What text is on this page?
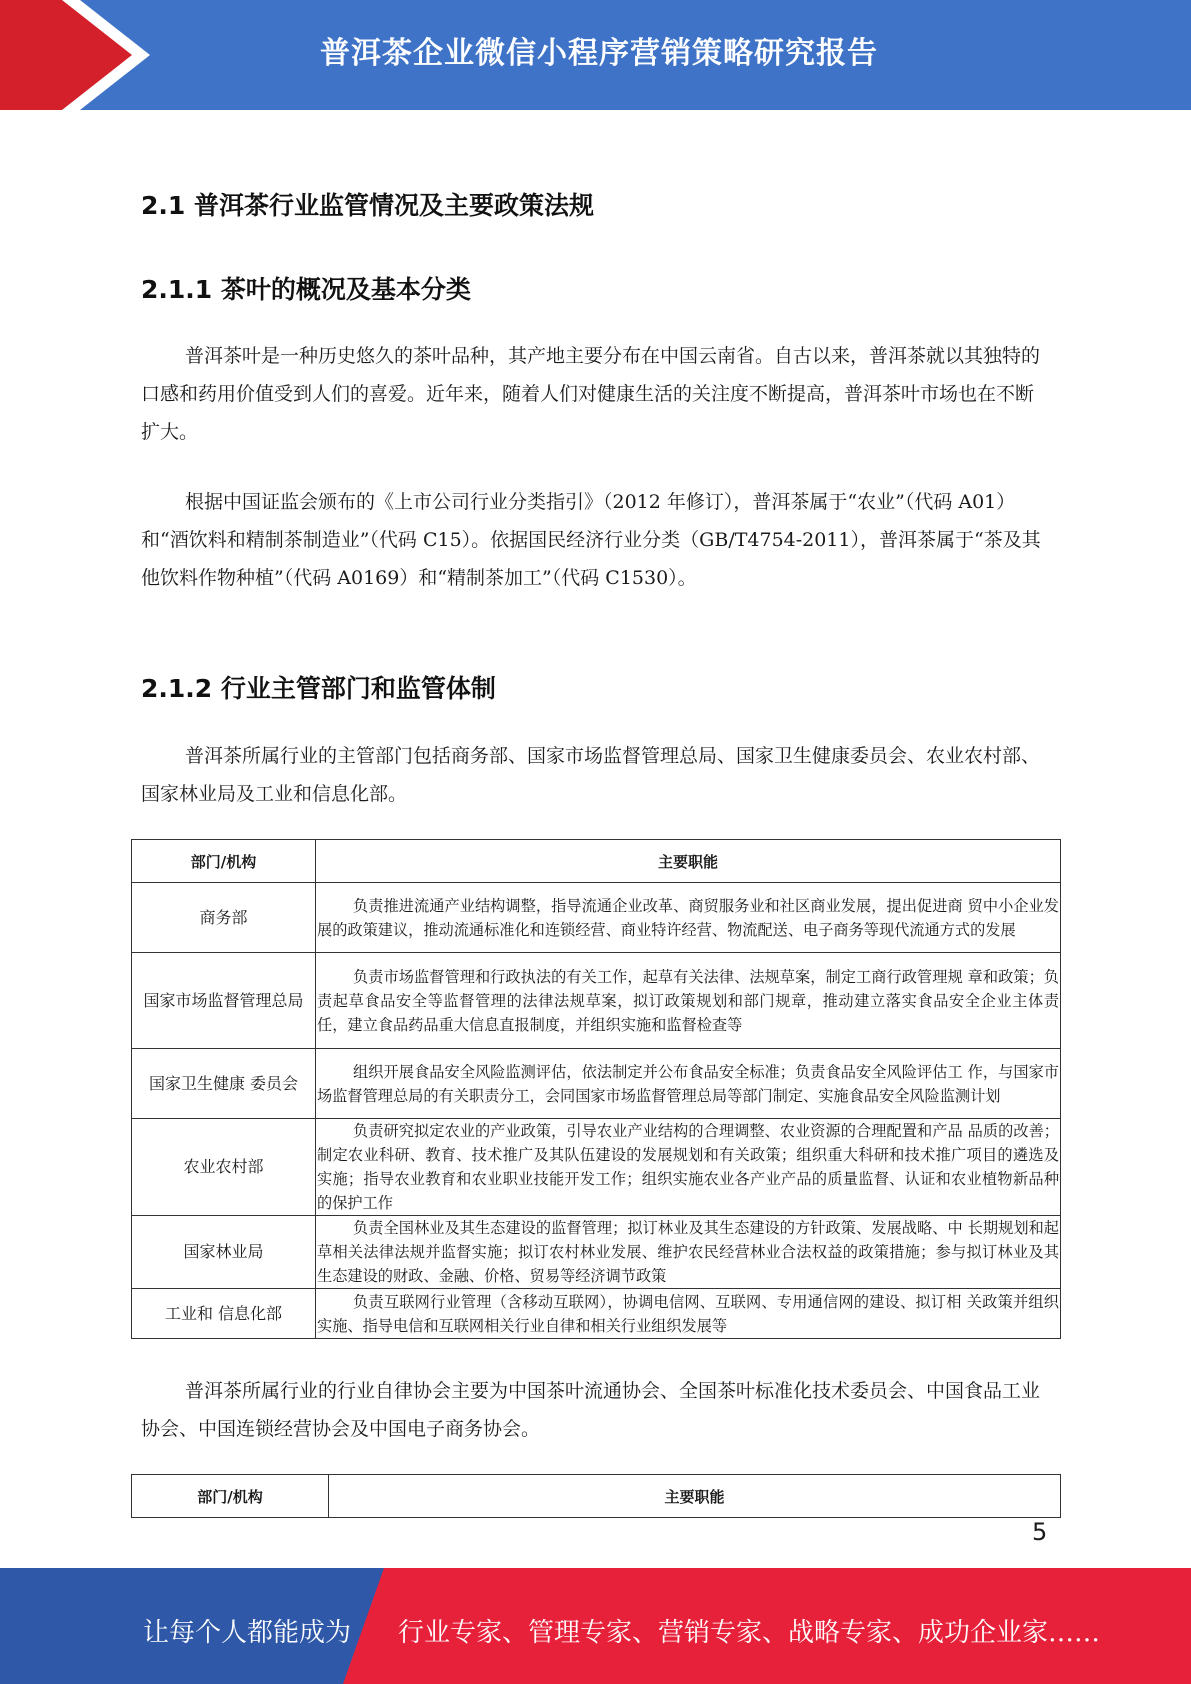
普洱茶企业微信小程序营销策略研究报告
2.1 普洱茶行业监管情况及主要政策法规
2.1.1 茶叶的概况及基本分类

普洱茶叶是一种历史悠久的茶叶品种，其产地主要分布在中国云南省。自古以来，普洱茶就以其独特的口感和药用价值受到人们的喜爱。近年来，随着人们对健康生活的关注度不断提高，普洱茶叶市场也在不断扩大。

根据中国证监会颁布的《上市公司行业分类指引》（2012 年修订），普洱茶属于“农业”（代码 A01）和“酒饮料和精制茶制造业”（代码 C15）。依据国民经济行业分类（GB/T4754-2011），普洱茶属于“茶及其他饮料作物种植”（代码 A0169）和“精制茶加工”（代码 C1530）。

2.1.2 行业主管部门和监管体制

普洱茶所属行业的主管部门包括商务部、国家市场监督管理总局、国家卫生健康委员会、农业农村部、国家林业局及工业和信息化部。

部门/机构	主要职能
商务部	负责推进流通产业结构调整，指导流通企业改革、商贸服务业和社区商业发展，提出促进商 贸中小企业发展的政策建议，推动流通标准化和连锁经营、商业特许经营、物流配送、电子商务等现代流通方式的发展
国家市场监督管理总局	负责市场监督管理和行政执法的有关工作，起草有关法律、法规草案，制定工商行政管理规 章和政策；负责起草食品安全等监督管理的法律法规草案，拟订政策规划和部门规章，推动建立落实食品安全企业主体责任，建立食品药品重大信息直报制度，并组织实施和监督检查等
国家卫生健康 委员会	组织开展食品安全风险监测评估，依法制定并公布食品安全标准；负责食品安全风险评估工 作，与国家市场监督管理总局的有关职责分工，会同国家市场监督管理总局等部门制定、实施食品安全风险监测计划
农业农村部	负责研究拟定农业的产业政策，引导农业产业结构的合理调整、农业资源的合理配置和产品 品质的改善；制定农业科研、教育、技术推广及其队伍建设的发展规划和有关政策；组织重大科研和技术推广项目的遴选及实施；指导农业教育和农业职业技能开发工作；组织实施农业各产业产品的质量监督、认证和农业植物新品种的保护工作
国家林业局	负责全国林业及其生态建设的监督管理；拟订林业及其生态建设的方针政策、发展战略、中 长期规划和起草相关法律法规并监督实施；拟订农村林业发展、维护农民经营林业合法权益的政策措施；参与拟订林业及其生态建设的财政、金融、价格、贸易等经济调节政策
工业和 信息化部	负责互联网行业管理（含移动互联网），协调电信网、互联网、专用通信网的建设、拟订相 关政策并组织实施、指导电信和互联网相关行业自律和相关行业组织发展等

普洱茶所属行业的行业自律协会主要为中国茶叶流通协会、全国茶叶标准化技术委员会、中国食品工业协会、中国连锁经营协会及中国电子商务协会。

部门/机构	主要职能
5
让每个人都能成为 行业专家、管理专家、营销专家、战略专家、成功企业家……
